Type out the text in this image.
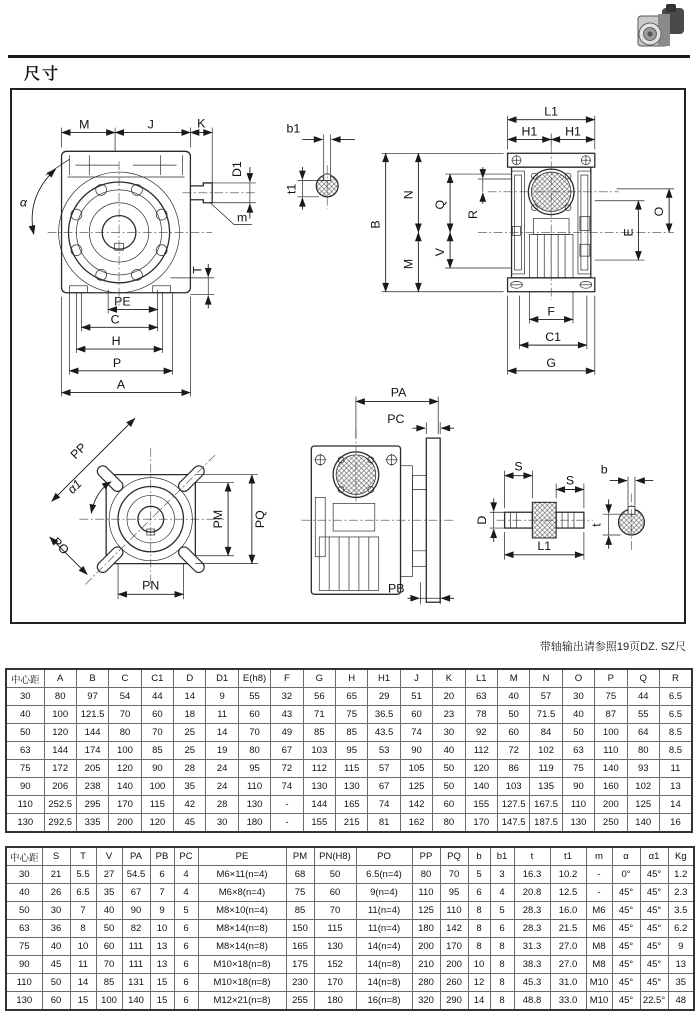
尺寸
M	J	K
D1
m
α
T
PE
C
H
P
A
b1
t1
L1
H1 H1
B
N
Q
R
M
V
E
O
F
C1
G
PP
α1
PO
PM PQ
PN
PA
PC
PB
S
S
D
L1
b
t
带轴输出请参照19页DZ. SZ尺
中心距	A	B	C	C1	D	D1	E(h8)	F	G	H	H1	J	K	L1	M	N	O	P	Q	R
30	80	97	54	44	14	9	55	32	56	65	29	51	20	63	40	57	30	75	44	6.5
40	100	121.5	70	60	18	11	60	43	71	75	36.5	60	23	78	50	71.5	40	87	55	6.5
50	120	144	80	70	25	14	70	49	85	85	43.5	74	30	92	60	84	50	100	64	8.5
63	144	174	100	85	25	19	80	67	103	95	53	90	40	112	72	102	63	110	80	8.5
75	172	205	120	90	28	24	95	72	112	115	57	105	50	120	86	119	75	140	93	11
90	206	238	140	100	35	24	110	74	130	130	67	125	50	140	103	135	90	160	102	13
110	252.5	295	170	115	42	28	130	-	144	165	74	142	60	155	127.5	167.5	110	200	125	14
130	292.5	335	200	120	45	30	180	-	155	215	81	162	80	170	147.5	187.5	130	250	140	16
中心距	S	T	V	PA	PB	PC	PE	PM	PN(H8)	PO	PP	PQ	b	b1	t	t1	m	α	α1	Kg
30	21	5.5	27	54.5	6	4	M6×11(n=4)	68	50	6.5(n=4)	80	70	5	3	16.3	10.2	-	0°	45°	1.2
40	26	6.5	35	67	7	4	M6×8(n=4)	75	60	9(n=4)	110	95	6	4	20.8	12.5	-	45°	45°	2.3
50	30	7	40	90	9	5	M8×10(n=4)	85	70	11(n=4)	125	110	8	5	28.3	16.0	M6	45°	45°	3.5
63	36	8	50	82	10	6	M8×14(n=8)	150	115	11(n=4)	180	142	8	6	28.3	21.5	M6	45°	45°	6.2
75	40	10	60	111	13	6	M8×14(n=8)	165	130	14(n=4)	200	170	8	8	31.3	27.0	M8	45°	45°	9
90	45	11	70	111	13	6	M10×18(n=8)	175	152	14(n=8)	210	200	10	8	38.3	27.0	M8	45°	45°	13
110	50	14	85	131	15	6	M10×18(n=8)	230	170	14(n=8)	280	260	12	8	45.3	31.0	M10	45°	45°	35
130	60	15	100	140	15	6	M12×21(n=8)	255	180	16(n=8)	320	290	14	8	48.8	33.0	M10	45°	22.5°	48
